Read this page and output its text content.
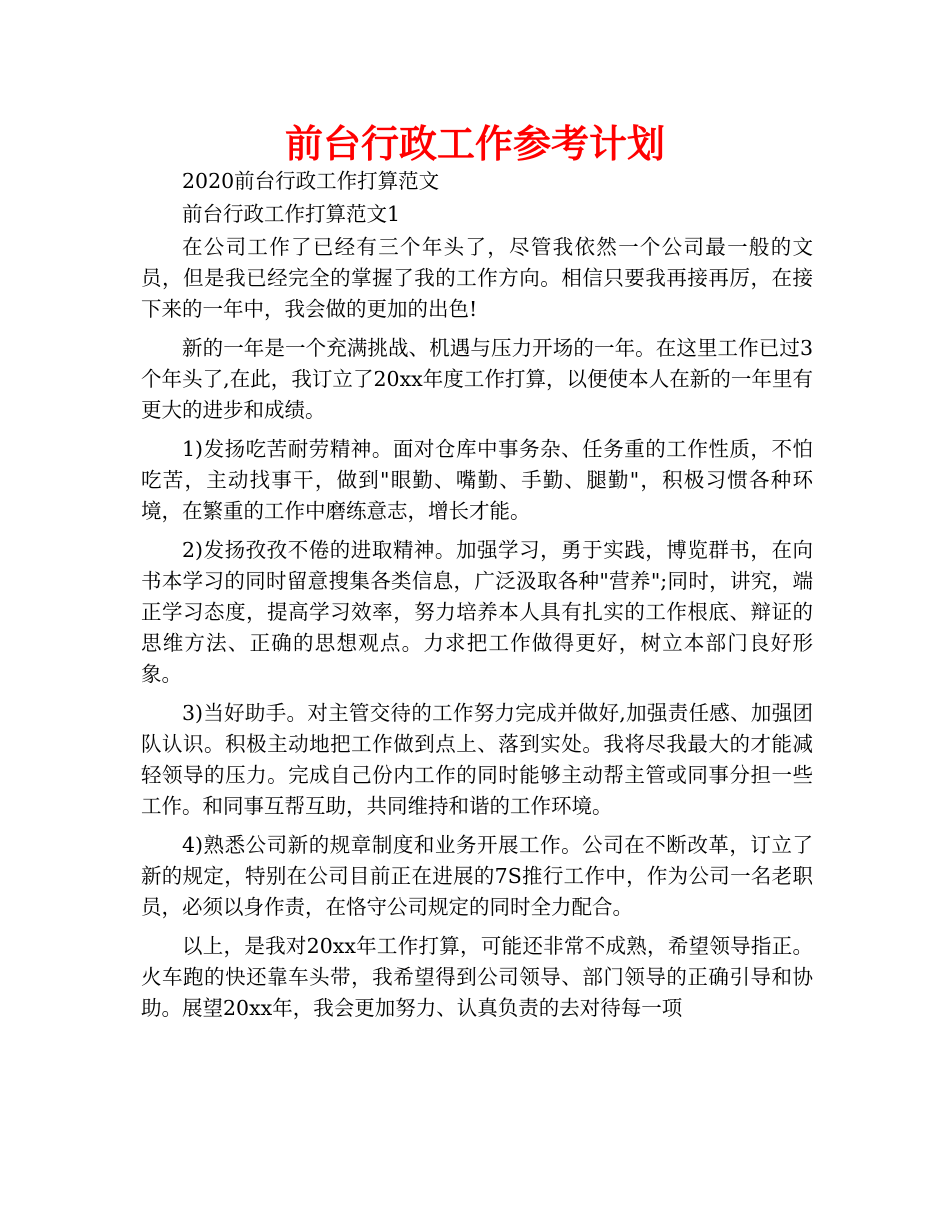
前台行政工作参考计划

2020前台行政工作打算范文

前台行政工作打算范文1

在公司工作了已经有三个年头了，尽管我依然一个公司最一般的文员，但是我已经完全的掌握了我的工作方向。相信只要我再接再厉，在接下来的一年中，我会做的更加的出色!

新的一年是一个充满挑战、机遇与压力开场的一年。在这里工作已过3个年头了,在此，我订立了20xx年度工作打算，以便使本人在新的一年里有更大的进步和成绩。

1)发扬吃苦耐劳精神。面对仓库中事务杂、任务重的工作性质，不怕吃苦，主动找事干，做到"眼勤、嘴勤、手勤、腿勤"，积极习惯各种环境，在繁重的工作中磨练意志，增长才能。

2)发扬孜孜不倦的进取精神。加强学习，勇于实践，博览群书，在向书本学习的同时留意搜集各类信息，广泛汲取各种"营养";同时，讲究，端正学习态度，提高学习效率，努力培养本人具有扎实的工作根底、辩证的思维方法、正确的思想观点。力求把工作做得更好，树立本部门良好形象。

3)当好助手。对主管交待的工作努力完成并做好,加强责任感、加强团队认识。积极主动地把工作做到点上、落到实处。我将尽我最大的才能减轻领导的压力。完成自己份内工作的同时能够主动帮主管或同事分担一些工作。和同事互帮互助，共同维持和谐的工作环境。

4)熟悉公司新的规章制度和业务开展工作。公司在不断改革，订立了新的规定，特别在公司目前正在进展的7S推行工作中，作为公司一名老职员，必须以身作责，在恪守公司规定的同时全力配合。

以上，是我对20xx年工作打算，可能还非常不成熟，希望领导指正。火车跑的快还靠车头带，我希望得到公司领导、部门领导的正确引导和协助。展望20xx年，我会更加努力、认真负责的去对待每一项
